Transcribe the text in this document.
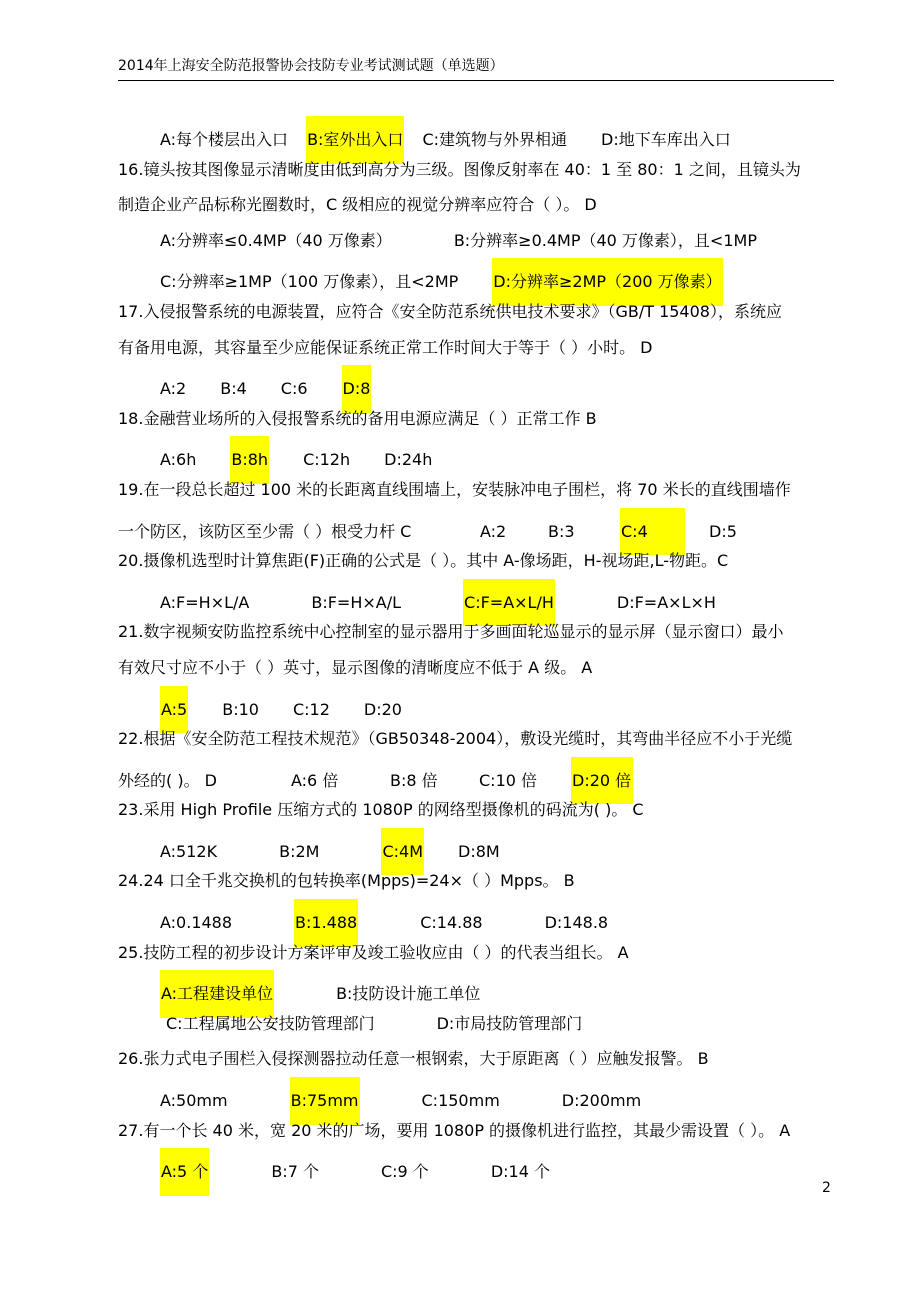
2014年上海安全防范报警协会技防专业考试测试题（单选题）
A:每个楼层出入口 B:室外出入口 C:建筑物与外界相通 D:地下车库出入口
16.镜头按其图像显示清晰度由低到高分为三级。图像反射率在 40：1 至 80：1 之间，且镜头为
制造企业产品标称光圈数时，C 级相应的视觉分辨率应符合（ ）。 D
A:分辨率≤0.4MP（40 万像素）	B:分辨率≥0.4MP（40 万像素），且<1MP
C:分辨率≥1MP（100 万像素），且<2MP D:分辨率≥2MP（200 万像素）
17.入侵报警系统的电源装置，应符合《安全防范系统供电技术要求》（GB/T 15408），系统应
有备用电源，其容量至少应能保证系统正常工作时间大于等于（ ）小时。 D
A:2 B:4 C:6 D:8
18.金融营业场所的入侵报警系统的备用电源应满足（ ）正常工作 B
A:6h B:8h C:12h D:24h
19.在一段总长超过 100 米的长距离直线围墙上，安装脉冲电子围栏，将 70 米长的直线围墙作
一个防区，该防区至少需（ ）根受力杆 C	A:2	B:3	C:4	D:5
20.摄像机选型时计算焦距(F)正确的公式是（ ）。其中 A-像场距，H-视场距,L-物距。C
A:F=H×L/A	B:F=H×A/L	C:F=A×L/H	D:F=A×L×H
21.数字视频安防监控系统中心控制室的显示器用于多画面轮巡显示的显示屏（显示窗口）最小
有效尺寸应不小于（ ）英寸，显示图像的清晰度应不低于 A 级。 A
A:5 B:10 C:12 D:20
22.根据《安全防范工程技术规范》（GB50348-2004），敷设光缆时，其弯曲半径应不小于光缆
外经的( )。 D	A:6 倍	B:8 倍	C:10 倍 D:20 倍
23.采用 High Profile 压缩方式的 1080P 的网络型摄像机的码流为( )。 C
A:512K	B:2M	C:4M D:8M
24.24 口全千兆交换机的包转换率(Mpps)=24×（ ）Mpps。 B
A:0.1488	B:1.488	C:14.88	D:148.8
25.技防工程的初步设计方案评审及竣工验收应由（ ）的代表当组长。 A
A:工程建设单位	B:技防设计施工单位
C:工程属地公安技防管理部门	D:市局技防管理部门
26.张力式电子围栏入侵探测器拉动任意一根钢索，大于原距离（ ）应触发报警。 B
A:50mm	B:75mm	C:150mm	D:200mm
27.有一个长 40 米，宽 20 米的广场，要用 1080P 的摄像机进行监控，其最少需设置（ ）。 A
A:5 个	B:7 个	C:9 个	D:14 个
2
